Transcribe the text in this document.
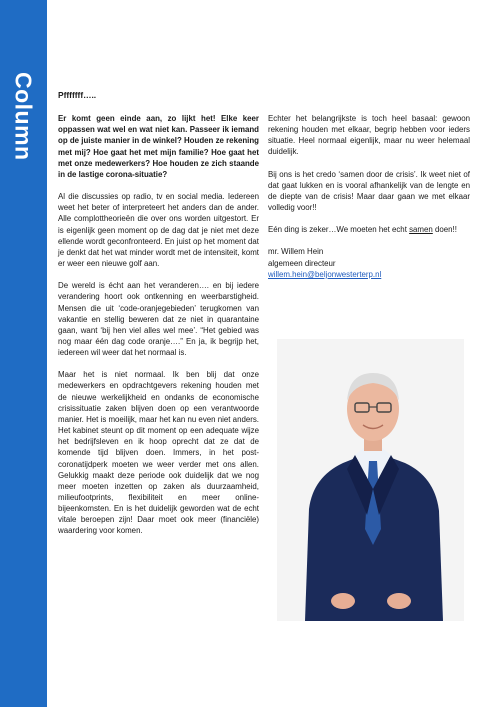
Column	Pfffffff…..

Er komt geen einde aan, zo lijkt het! Elke keer oppassen wat wel en wat niet kan. Passeer ik iemand op de juiste manier in de winkel? Houden ze rekening met mij? Hoe gaat het met mijn familie? Hoe gaat het met onze medewerkers? Hoe houden ze zich staande in de lastige corona-situatie?

Al die discussies op radio, tv en social media. Iedereen weet het beter of interpreteert het anders dan de ander. Alle complottheorieën die over ons worden uitgestort. Er is eigenlijk geen moment op de dag dat je niet met deze ellende wordt geconfronteerd. En juist op het moment dat je denkt dat het wat minder wordt met de intensiteit, komt er weer een nieuwe golf aan.

De wereld is écht aan het veranderen…. en bij iedere verandering hoort ook ontkenning en weerbarstigheid. Mensen die uit ‘code-oranjegebieden’ terugkomen van vakantie en stellig beweren dat ze niet in quarantaine gaan, want ‘bij hen viel alles wel mee’. “Het gebied was nog maar één dag code oranje….” En ja, ik begrijp het, iedereen wil weer dat het normaal is.

Maar het is niet normaal. Ik ben blij dat onze medewerkers en opdrachtgevers rekening houden met de nieuwe werkelijkheid en ondanks de economische crisissituatie zaken blijven doen op een verantwoorde manier. Het is moeilijk, maar het kan nu even niet anders. Het kabinet steunt op dit moment op een adequate wijze het bedrijfsleven en ik hoop oprecht dat ze dat de komende tijd blijven doen. Immers, in het post-coronatijdperk moeten we weer verder met ons allen. Gelukkig maakt deze periode ook duidelijk dat we nog meer moeten inzetten op zaken als duurzaamheid, milieufootprints, flexibiliteit en meer online-bijeenkomsten. En is het duidelijk geworden wat de echt vitale beroepen zijn! Daar moet ook meer (financiële) waardering voor komen.

Echter het belangrijkste is toch heel basaal: gewoon rekening houden met elkaar, begrip hebben voor ieders situatie. Heel normaal eigenlijk, maar nu weer helemaal duidelijk.

Bij ons is het credo ‘samen door de crisis’. Ik weet niet of dat gaat lukken en is vooral afhankelijk van de lengte en de diepte van de crisis! Maar daar gaan we met elkaar volledig voor!!

Eén ding is zeker…We moeten het echt samen doen!!

mr. Willem Hein

algemeen directeur

willem.hein@beljonwesterterp.nl
